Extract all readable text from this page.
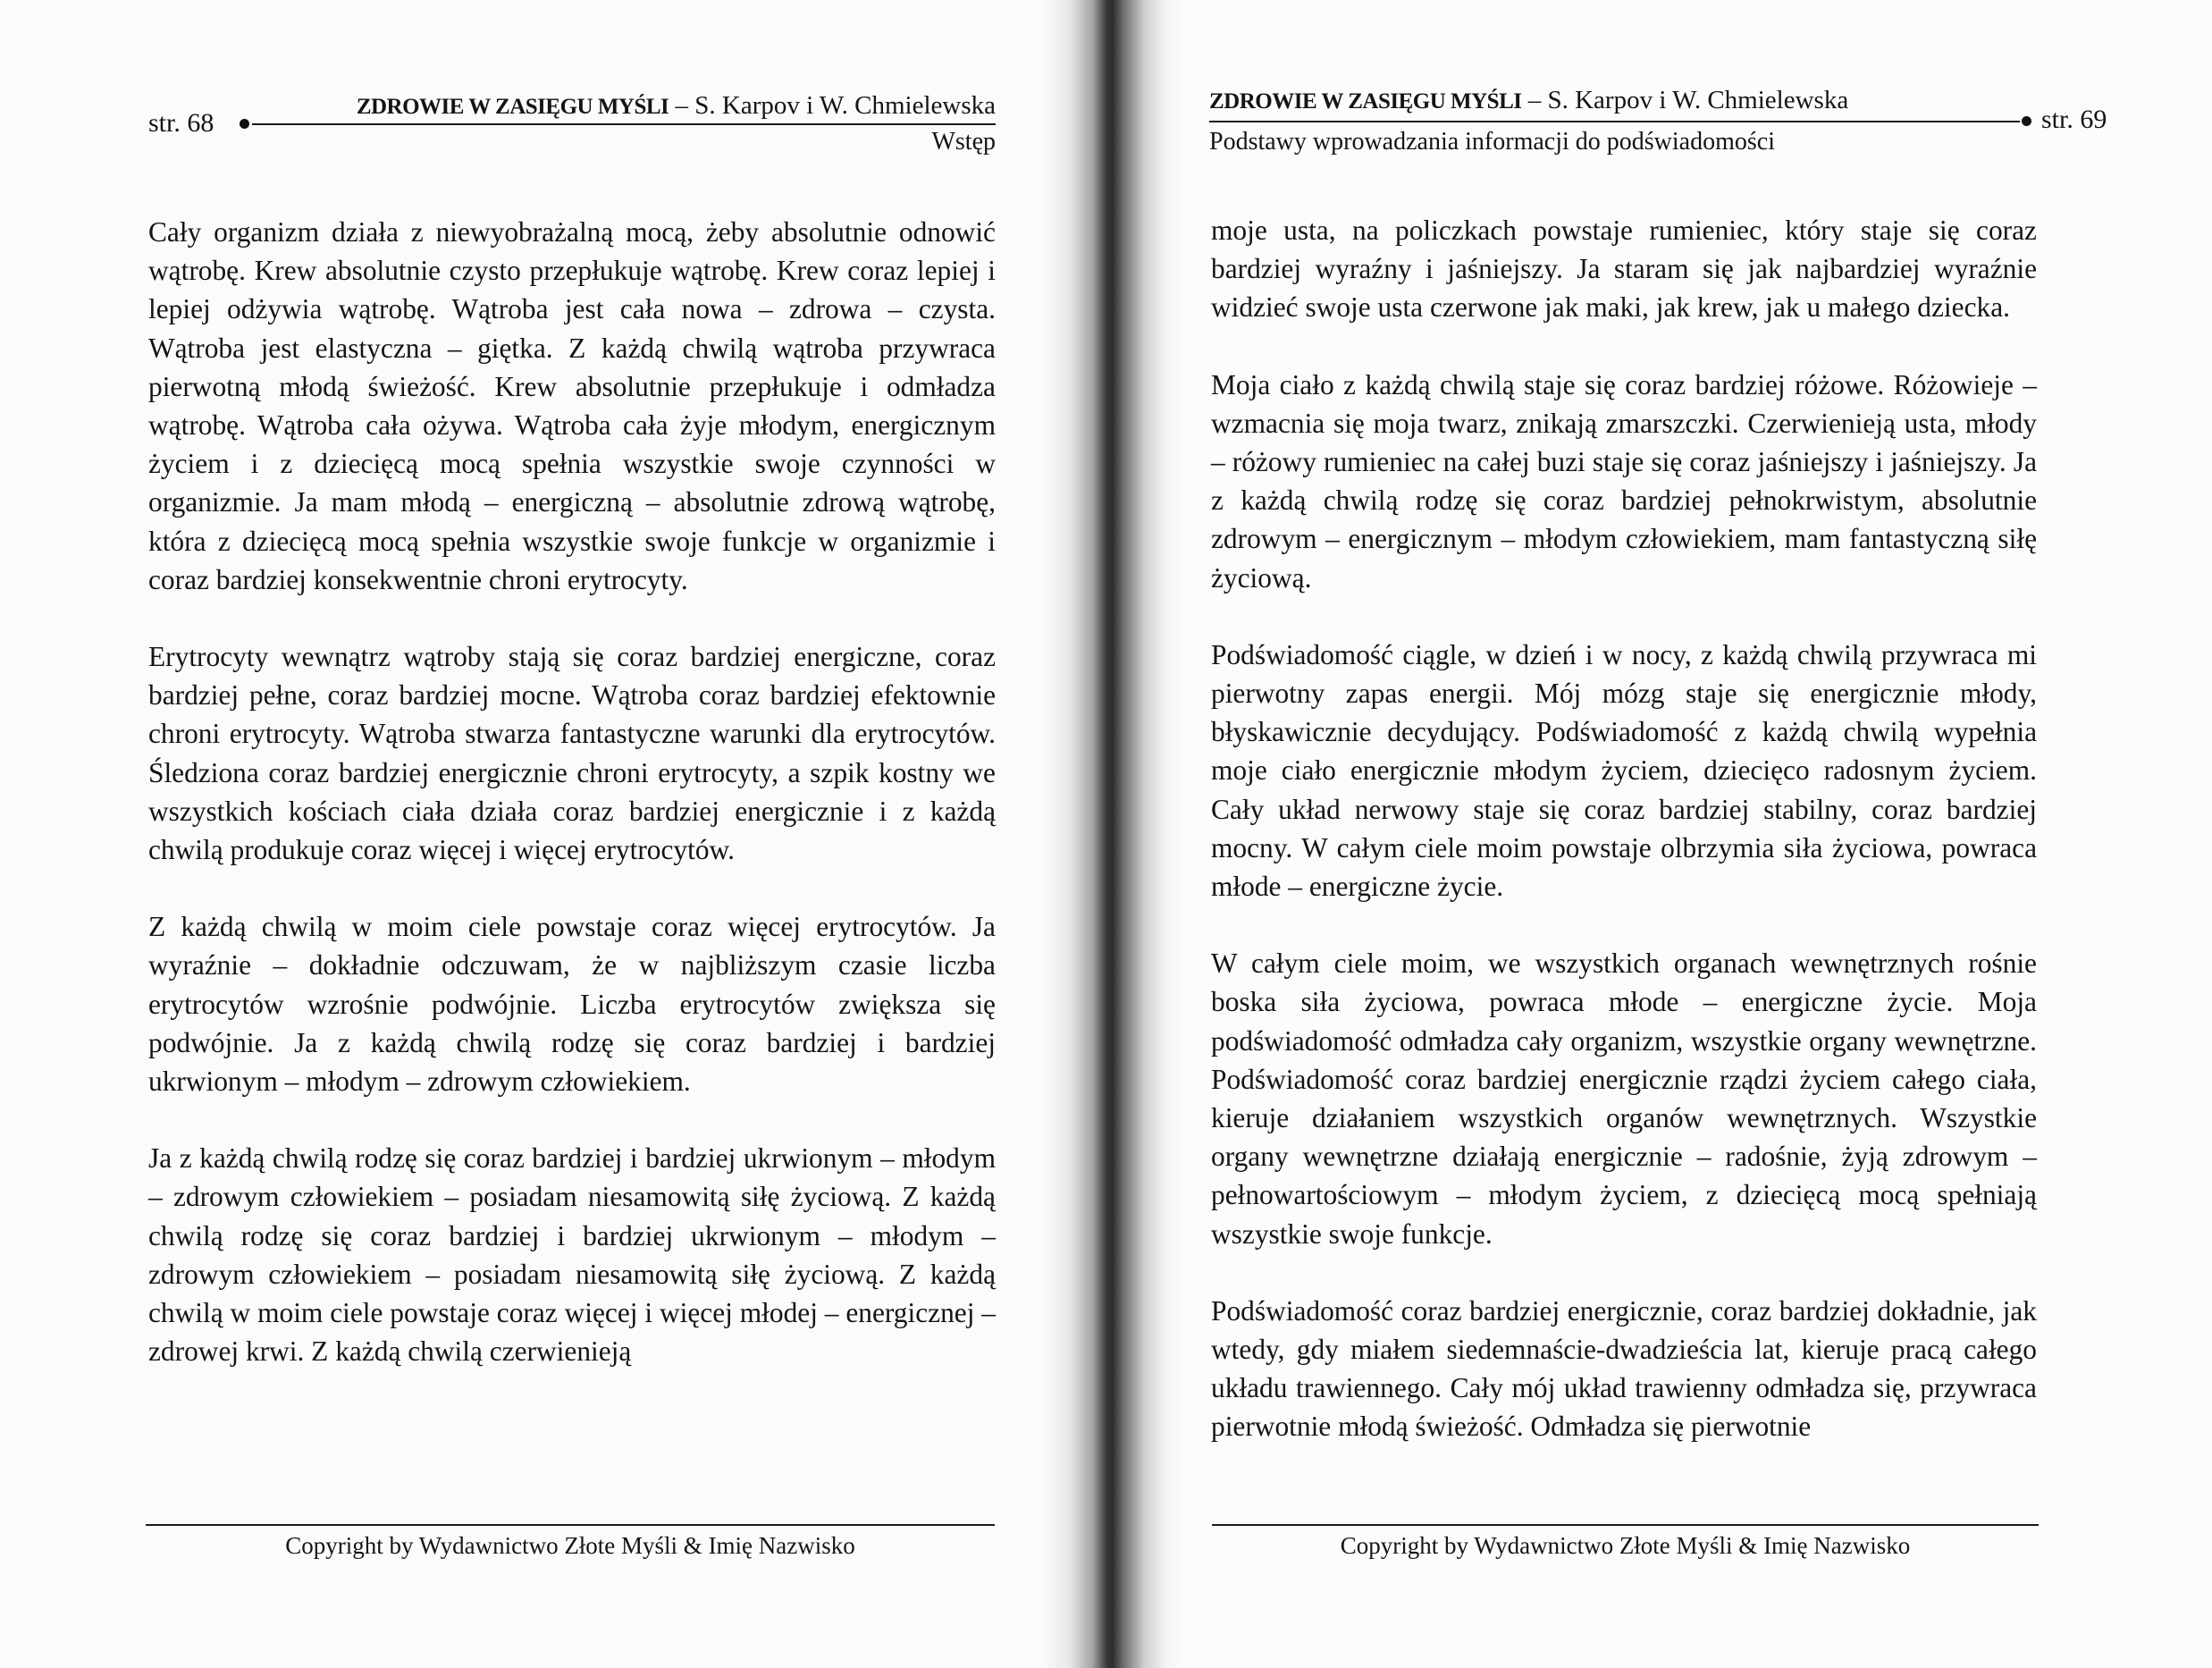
str. 68
ZDROWIE W ZASIĘGU MYŚLI – S. Karpov i W. Chmielewska
Wstęp

Cały organizm działa z niewyobrażalną mocą, żeby absolutnie odnowić wątrobę. Krew absolutnie czysto przepłukuje wątrobę. Krew coraz lepiej i lepiej odżywia wątrobę. Wątroba jest cała nowa – zdrowa – czysta. Wątroba jest elastyczna – giętka. Z każdą chwilą wątroba przywraca pierwotną młodą świeżość. Krew absolutnie przepłukuje i odmładza wątrobę. Wątroba cała ożywa. Wątroba cała żyje młodym, energicznym życiem i z dziecięcą mocą spełnia wszystkie swoje czynności w organizmie. Ja mam młodą – energiczną – absolutnie zdrową wątrobę, która z dziecięcą mocą spełnia wszystkie swoje funkcje w organizmie i coraz bardziej konsekwentnie chroni erytrocyty.

Erytrocyty wewnątrz wątroby stają się coraz bardziej energiczne, coraz bardziej pełne, coraz bardziej mocne. Wątroba coraz bardziej efektownie chroni erytrocyty. Wątroba stwarza fantastyczne warunki dla erytrocytów. Śledziona coraz bardziej energicznie chroni erytrocyty, a szpik kostny we wszystkich kościach ciała działa coraz bardziej energicznie i z każdą chwilą produkuje coraz więcej i więcej erytrocytów.

Z każdą chwilą w moim ciele powstaje coraz więcej erytrocytów. Ja wyraźnie – dokładnie odczuwam, że w najbliższym czasie liczba erytrocytów wzrośnie podwójnie. Liczba erytrocytów zwiększa się podwójnie. Ja z każdą chwilą rodzę się coraz bardziej i bardziej ukrwionym – młodym – zdrowym człowiekiem.

Ja z każdą chwilą rodzę się coraz bardziej i bardziej ukrwionym – młodym – zdrowym człowiekiem – posiadam niesamowitą siłę życiową. Z każdą chwilą rodzę się coraz bardziej i bardziej ukrwionym – młodym – zdrowym człowiekiem – posiadam niesamowitą siłę życiową. Z każdą chwilą w moim ciele powstaje coraz więcej i więcej młodej – energicznej – zdrowej krwi. Z każdą chwilą czerwienieją

Copyright by Wydawnictwo Złote Myśli & Imię Nazwisko
ZDROWIE W ZASIĘGU MYŚLI – S. Karpov i W. Chmielewska
str. 69
Podstawy wprowadzania informacji do podświadomości

moje usta, na policzkach powstaje rumieniec, który staje się coraz bardziej wyraźny i jaśniejszy. Ja staram się jak najbardziej wyraźnie widzieć swoje usta czerwone jak maki, jak krew, jak u małego dziecka.

Moja ciało z każdą chwilą staje się coraz bardziej różowe. Różowieje – wzmacnia się moja twarz, znikają zmarszczki. Czerwienieją usta, młody – różowy rumieniec na całej buzi staje się coraz jaśniejszy i jaśniejszy. Ja z każdą chwilą rodzę się coraz bardziej pełnokrwistym, absolutnie zdrowym – energicznym – młodym człowiekiem, mam fantastyczną siłę życiową.

Podświadomość ciągle, w dzień i w nocy, z każdą chwilą przywraca mi pierwotny zapas energii. Mój mózg staje się energicznie młody, błyskawicznie decydujący. Podświadomość z każdą chwilą wypełnia moje ciało energicznie młodym życiem, dziecięco radosnym życiem. Cały układ nerwowy staje się coraz bardziej stabilny, coraz bardziej mocny. W całym ciele moim powstaje olbrzymia siła życiowa, powraca młode – energiczne życie.

W całym ciele moim, we wszystkich organach wewnętrznych rośnie boska siła życiowa, powraca młode – energiczne życie. Moja podświadomość odmładza cały organizm, wszystkie organy wewnętrzne. Podświadomość coraz bardziej energicznie rządzi życiem całego ciała, kieruje działaniem wszystkich organów wewnętrznych. Wszystkie organy wewnętrzne działają energicznie – radośnie, żyją zdrowym – pełnowartościowym – młodym życiem, z dziecięcą mocą spełniają wszystkie swoje funkcje.

Podświadomość coraz bardziej energicznie, coraz bardziej dokładnie, jak wtedy, gdy miałem siedemnaście-dwadzieścia lat, kieruje pracą całego układu trawiennego. Cały mój układ trawienny odmładza się, przywraca pierwotnie młodą świeżość. Odmładza się pierwotnie

Copyright by Wydawnictwo Złote Myśli & Imię Nazwisko
